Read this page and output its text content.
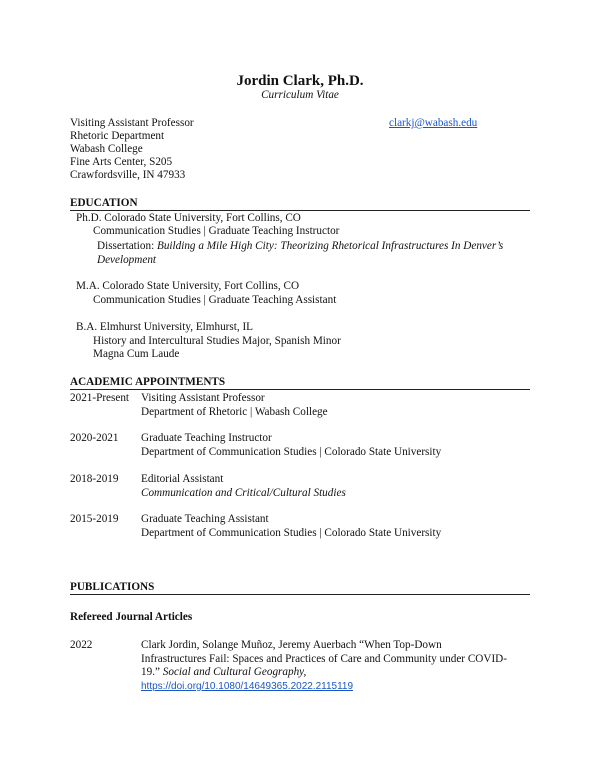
Jordin Clark, Ph.D.
Curriculum Vitae
Visiting Assistant Professor
Rhetoric Department
Wabash College
Fine Arts Center, S205
Crawfordsville, IN 47933
clarkj@wabash.edu
EDUCATION
Ph.D. Colorado State University, Fort Collins, CO
Communication Studies | Graduate Teaching Instructor
Dissertation: Building a Mile High City: Theorizing Rhetorical Infrastructures In Denver’s
Development
M.A. Colorado State University, Fort Collins, CO
Communication Studies | Graduate Teaching Assistant
B.A. Elmhurst University, Elmhurst, IL
History and Intercultural Studies Major, Spanish Minor
Magna Cum Laude
ACADEMIC APPOINTMENTS
2021-Present Visiting Assistant Professor
Department of Rhetoric | Wabash College
2020-2021 Graduate Teaching Instructor
Department of Communication Studies | Colorado State University
2018-2019 Editorial Assistant
Communication and Critical/Cultural Studies
2015-2019 Graduate Teaching Assistant
Department of Communication Studies | Colorado State University
PUBLICATIONS
Refereed Journal Articles
2022	Clark Jordin, Solange Muñoz, Jeremy Auerbach “When Top-Down
Infrastructures Fail: Spaces and Practices of Care and Community under COVID-
19.” Social and Cultural Geography,
https://doi.org/10.1080/14649365.2022.2115119
